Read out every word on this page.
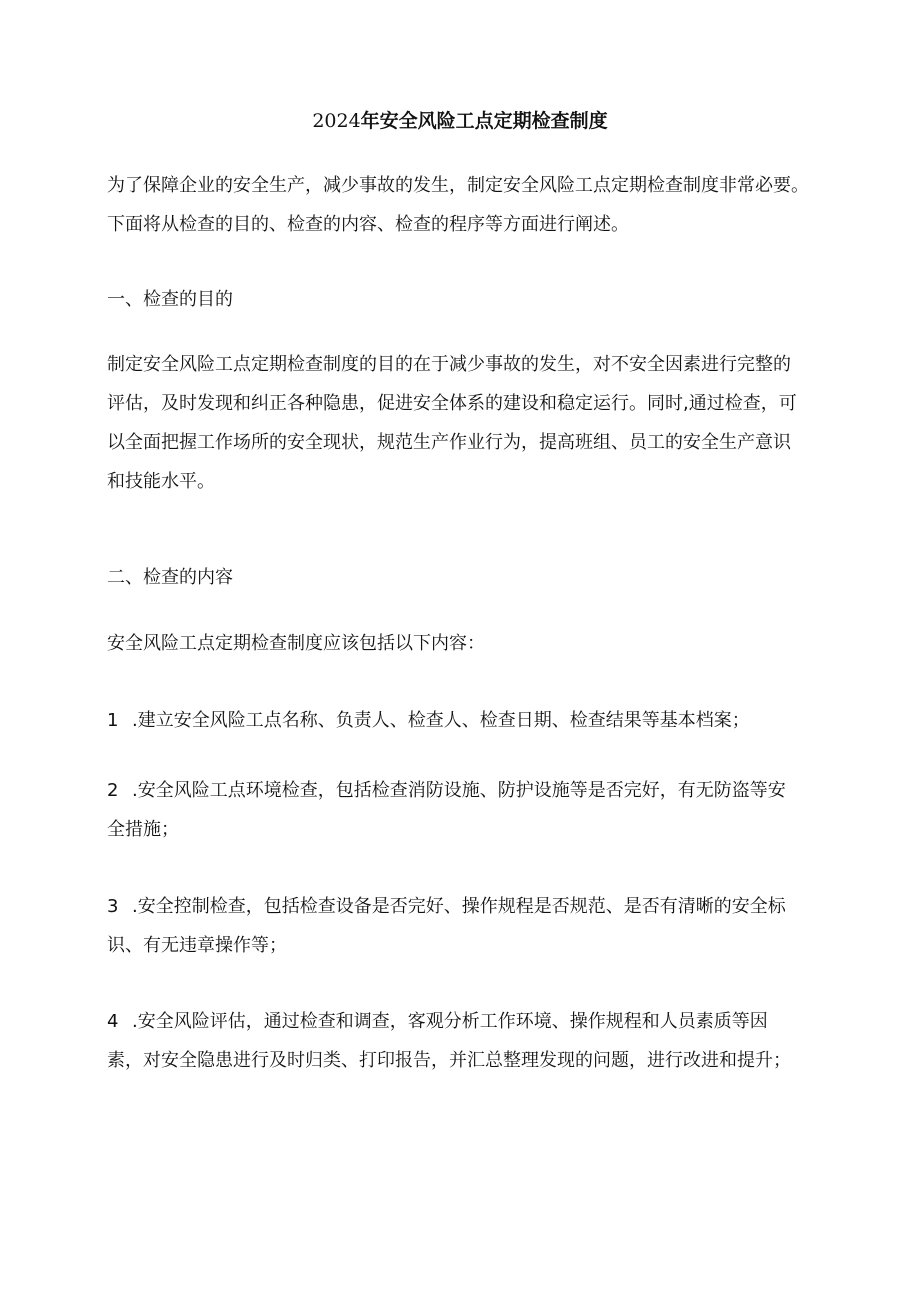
2024年安全风险工点定期检查制度
为了保障企业的安全生产，减少事故的发生，制定安全风险工点定期检查制度非常必要。
下面将从检查的目的、检查的内容、检查的程序等方面进行阐述。
一、检查的目的
制定安全风险工点定期检查制度的目的在于减少事故的发生，对不安全因素进行完整的
评估，及时发现和纠正各种隐患，促进安全体系的建设和稳定运行。同时,通过检查，可
以全面把握工作场所的安全现状，规范生产作业行为，提高班组、员工的安全生产意识
和技能水平。
二、检查的内容
安全风险工点定期检查制度应该包括以下内容：
1 .建立安全风险工点名称、负责人、检查人、检查日期、检查结果等基本档案；
2 .安全风险工点环境检查，包括检查消防设施、防护设施等是否完好，有无防盗等安
全措施；
3 .安全控制检查，包括检查设备是否完好、操作规程是否规范、是否有清晰的安全标
识、有无违章操作等；
4 .安全风险评估，通过检查和调查，客观分析工作环境、操作规程和人员素质等因
素，对安全隐患进行及时归类、打印报告，并汇总整理发现的问题，进行改进和提升；
